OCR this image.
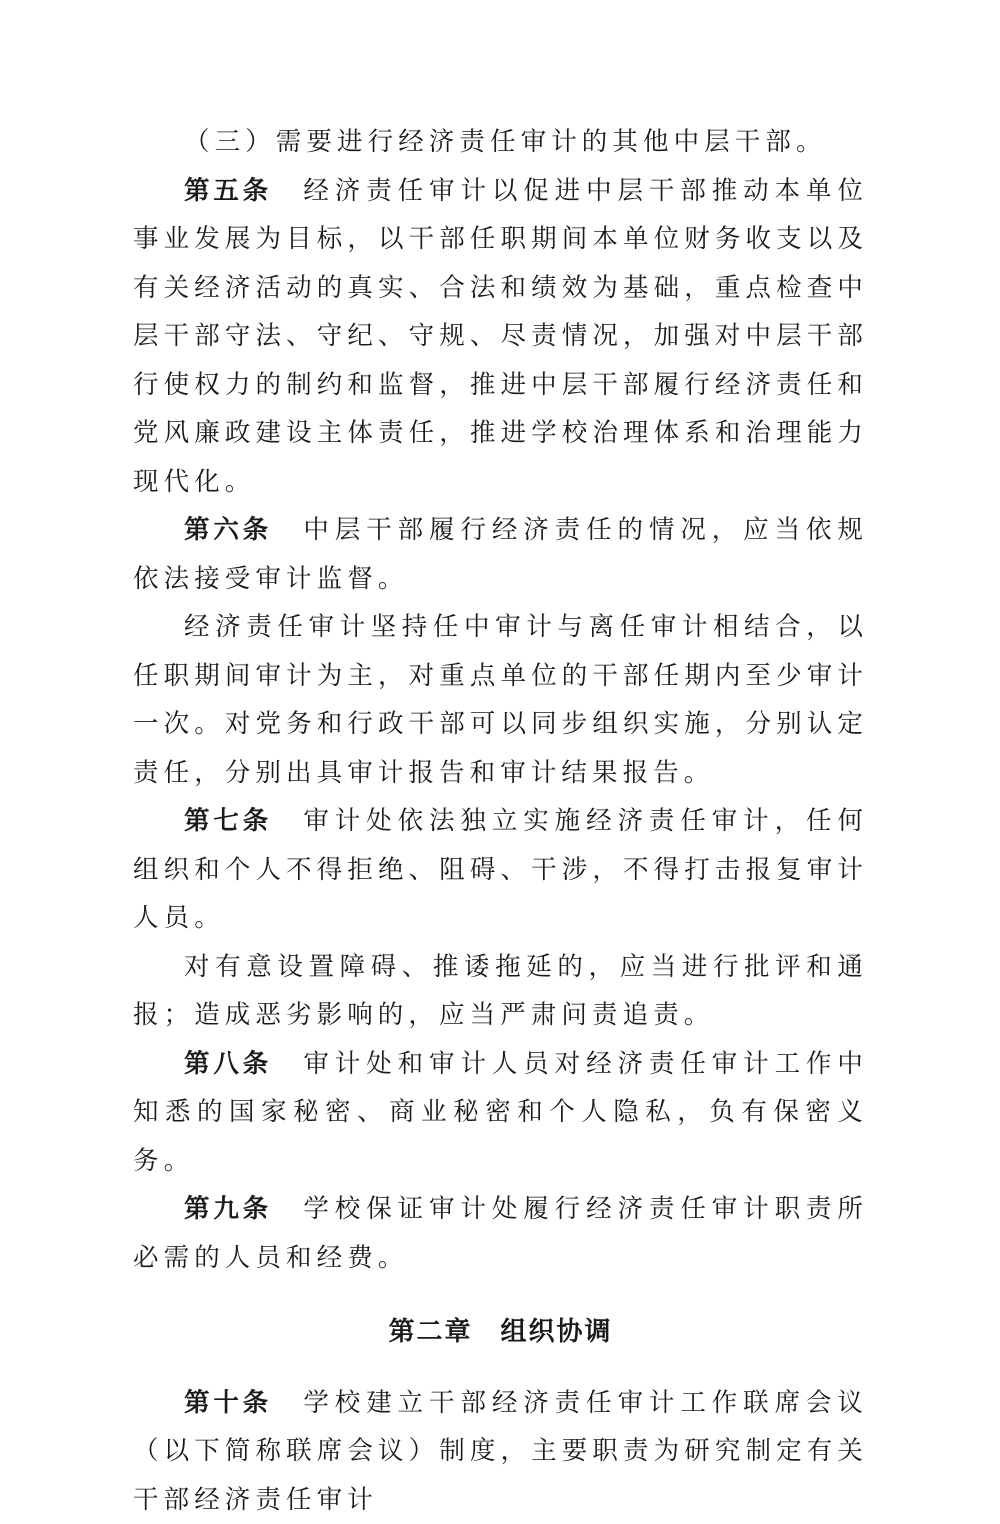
（三）需要进行经济责任审计的其他中层干部。

第五条　 经济责任审计以促进中层干部推动本单位事业发展为目标，以干部任职期间本单位财务收支以及有关经济活动的真实、合法和绩效为基础，重点检查中层干部守法、守纪、守规、尽责情况，加强对中层干部行使权力的制约和监督，推进中层干部履行经济责任和党风廉政建设主体责任，推进学校治理体系和治理能力现代化。

第六条　 中层干部履行经济责任的情况，应当依规依法接受审计监督。

经济责任审计坚持任中审计与离任审计相结合，以任职期间审计为主，对重点单位的干部任期内至少审计一次。对党务和行政干部可以同步组织实施，分别认定责任，分别出具审计报告和审计结果报告。

第七条　 审计处依法独立实施经济责任审计，任何组织和个人不得拒绝、阻碍、干涉，不得打击报复审计人员。

对有意设置障碍、推诿拖延的，应当进行批评和通报；造成恶劣影响的，应当严肃问责追责。

第八条　 审计处和审计人员对经济责任审计工作中知悉的国家秘密、商业秘密和个人隐私，负有保密义务。

第九条　 学校保证审计处履行经济责任审计职责所必需的人员和经费。

第二章　组织协调

第十条　 学校建立干部经济责任审计工作联席会议（以下简称联席会议）制度，主要职责为研究制定有关干部经济责任审计
